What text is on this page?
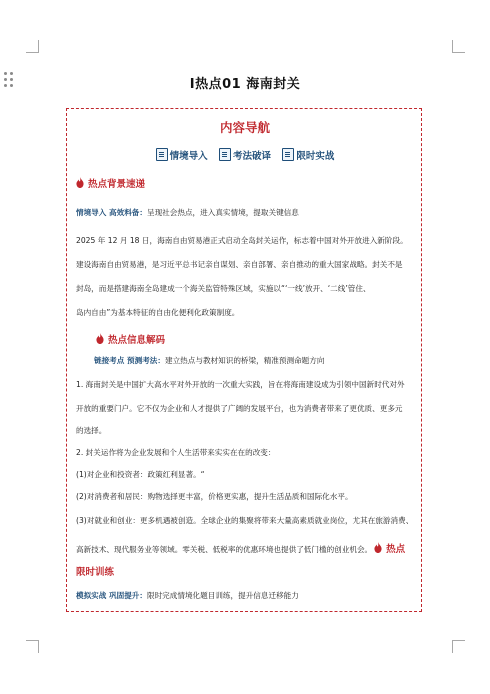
I热点01 海南封关
内容导航
情境导入	考法破译	限时实战
热点背景速递
情境导入 高效料备：呈现社会热点，进入真实情境，提取关键信息
2025 年 12 月 18 日，海南自由贸易港正式启动全岛封关运作，标志着中国对外开放进入新阶段。
建设海南自由贸易港，是习近平总书记亲自谋划、亲自部署、亲自推动的重大国家战略。封关不是
封岛，而是搭建海南全岛建成一个海关监管特殊区域，实施以“‘一线’放开、‘二线’管住、
岛内自由”为基本特征的自由化便利化政策制度。
热点信息解码
链接考点 预测考法：建立热点与教材知识的桥梁，精准预测命题方向
1. 海南封关是中国扩大高水平对外开放的一次重大实践，旨在将海南建设成为引领中国新时代对外
开放的重要门户。它不仅为企业和人才提供了广阔的发展平台，也为消费者带来了更优质、更多元
的选择。
2. 封关运作将为企业发展和个人生活带来实实在在的改变：
(1)对企业和投资者：政策红利显著。“
(2)对消费者和居民：购物选择更丰富，价格更实惠，提升生活品质和国际化水平。
(3)对就业和创业：更多机遇被创造。全球企业的集聚将带来大量高素质就业岗位，尤其在旅游消费、
高新技术、现代服务业等领域。零关税、低税率的优惠环境也提供了低门槛的创业机会。 热点
限时训练
模拟实战 巩固提升：限时完成情境化题目训练，提升信息迁移能力
